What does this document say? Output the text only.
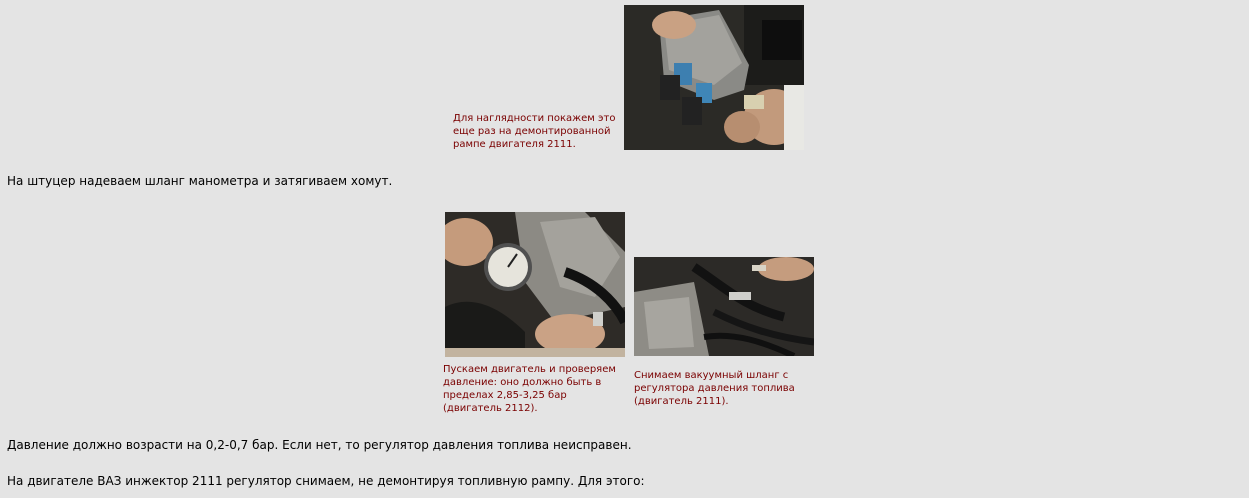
Для наглядности покажем это еще раз на демонтированной рампе двигателя 2111.
На штуцер надеваем шланг манометра и затягиваем хомут.
Пускаем двигатель и проверяем давление: оно должно быть в пределах 2,85-3,25 бар (двигатель 2112).
Снимаем вакуумный шланг с регулятора давления топлива (двигатель 2111).
Давление должно возрасти на 0,2-0,7 бар. Если нет, то регулятор давления топлива неисправен.
На двигателе ВАЗ инжектор 2111 регулятор снимаем, не демонтируя топливную рампу. Для этого:
